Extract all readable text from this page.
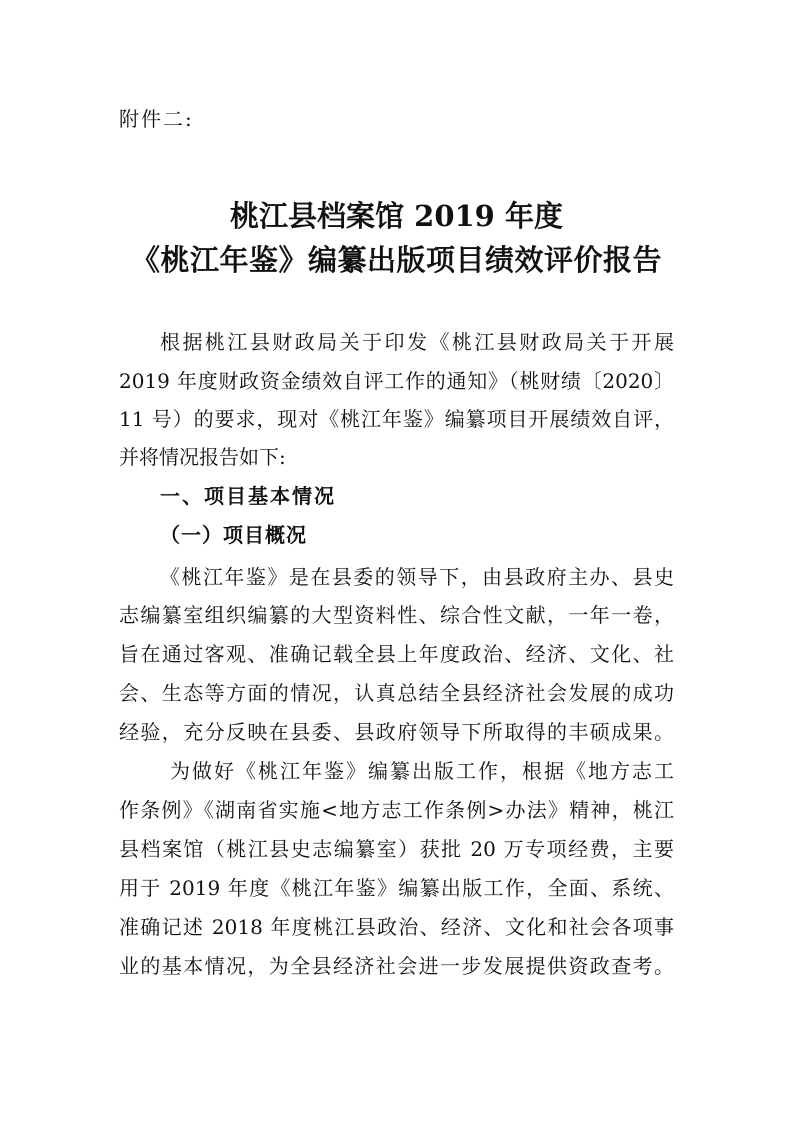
附件二:
桃江县档案馆 2019 年度
《桃江年鉴》编纂出版项目绩效评价报告
根据桃江县财政局关于印发《桃江县财政局关于开展
2019 年度财政资金绩效自评工作的通知》（桃财绩〔2020〕
11 号）的要求，现对《桃江年鉴》编纂项目开展绩效自评，
并将情况报告如下:
一、项目基本情况
（一）项目概况
《桃江年鉴》是在县委的领导下，由县政府主办、县史
志编纂室组织编纂的大型资料性、综合性文献，一年一卷，
旨在通过客观、准确记载全县上年度政治、经济、文化、社
会、生态等方面的情况，认真总结全县经济社会发展的成功
经验，充分反映在县委、县政府领导下所取得的丰硕成果。
为做好《桃江年鉴》编纂出版工作，根据《地方志工
作条例》《湖南省实施<地方志工作条例>办法》精神，桃江
县档案馆（桃江县史志编纂室）获批 20 万专项经费，主要
用于 2019 年度《桃江年鉴》编纂出版工作，全面、系统、
准确记述 2018 年度桃江县政治、经济、文化和社会各项事
业的基本情况，为全县经济社会进一步发展提供资政查考。
